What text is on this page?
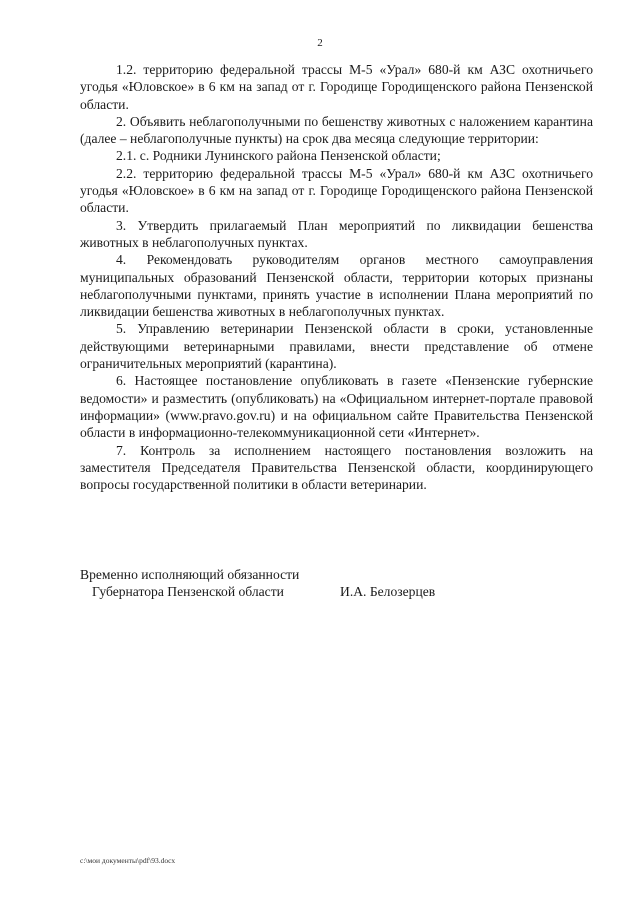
2

1.2. территорию федеральной трассы М-5 «Урал» 680-й км АЗС охотничьего угодья «Юловское» в 6 км на запад от г. Городище Городищенского района Пензенской области.

2. Объявить неблагополучными по бешенству животных с наложением карантина (далее – неблагополучные пункты) на срок два месяца следующие территории:

2.1. с. Родники Лунинского района Пензенской области;

2.2. территорию федеральной трассы М-5 «Урал» 680-й км АЗС охотничьего угодья «Юловское» в 6 км на запад от г. Городище Городищенского района Пензенской области.

3. Утвердить прилагаемый План мероприятий по ликвидации бешенства животных в неблагополучных пунктах.

4. Рекомендовать руководителям органов местного самоуправления муниципальных образований Пензенской области, территории которых признаны неблагополучными пунктами, принять участие в исполнении Плана мероприятий по ликвидации бешенства животных в неблагополучных пунктах.

5. Управлению ветеринарии Пензенской области в сроки, установленные действующими ветеринарными правилами, внести представление об отмене ограничительных мероприятий (карантина).

6. Настоящее постановление опубликовать в газете «Пензенские губернские ведомости» и разместить (опубликовать) на «Официальном интернет-портале правовой информации» (www.pravo.gov.ru) и на официальном сайте Правительства Пензенской области в информационно-телекоммуникационной сети «Интернет».

7. Контроль за исполнением настоящего постановления возложить на заместителя Председателя Правительства Пензенской области, координирующего вопросы государственной политики в области ветеринарии.

Временно исполняющий обязанности
Губернатора Пензенской области	И.А. Белозерцев
c:\мои документы\pdf\93.docx
